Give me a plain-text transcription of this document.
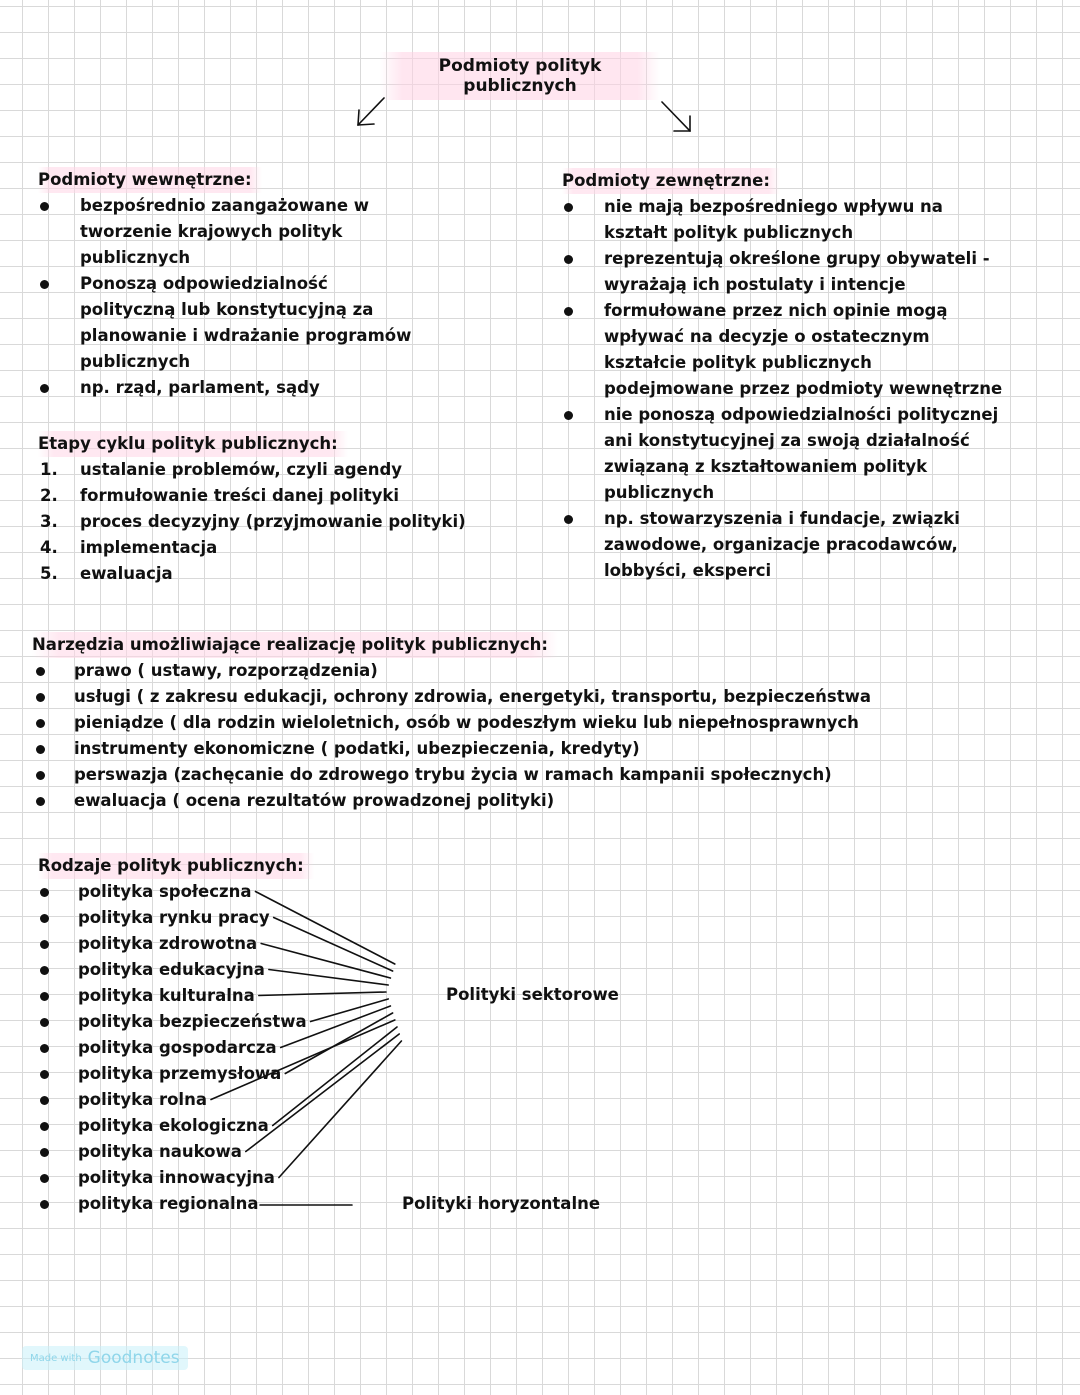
Podmioty polityk publicznych
Podmioty wewnętrzne:
bezpośrednio zaangażowane w tworzenie krajowych polityk publicznych
Ponoszą odpowiedzialność polityczną lub konstytucyjną za planowanie i wdrażanie programów publicznych
np. rząd, parlament, sądy
Podmioty zewnętrzne:
nie mają bezpośredniego wpływu na kształt polityk publicznych
reprezentują określone grupy obywateli - wyrażają ich postulaty i intencje
formułowane przez nich opinie mogą wpływać na decyzje o ostatecznym kształcie polityk publicznych podejmowane przez podmioty wewnętrzne
nie ponoszą odpowiedzialności politycznej ani konstytucyjnej za swoją działalność związaną z kształtowaniem polityk publicznych
np. stowarzyszenia i fundacje, związki zawodowe, organizacje pracodawców, lobbyści, eksperci
Etapy cyklu polityk publicznych:
1. ustalanie problemów, czyli agendy
2. formułowanie treści danej polityki
3. proces decyzyjny (przyjmowanie polityki)
4. implementacja
5. ewaluacja
Narzędzia umożliwiające realizację polityk publicznych:
prawo ( ustawy, rozporządzenia)
usługi ( z zakresu edukacji, ochrony zdrowia, energetyki, transportu, bezpieczeństwa
pieniądze ( dla rodzin wieloletnich, osób w podeszłym wieku lub niepełnosprawnych
instrumenty ekonomiczne ( podatki, ubezpieczenia, kredyty)
perswazja (zachęcanie do zdrowego trybu życia w ramach kampanii społecznych)
ewaluacja ( ocena rezultatów prowadzonej polityki)
Rodzaje polityk publicznych:
polityka społeczna
polityka rynku pracy
polityka zdrowotna
polityka edukacyjna
polityka kulturalna
polityka bezpieczeństwa
polityka gospodarcza
polityka przemysłowa
polityka rolna
polityka ekologiczna
polityka naukowa
polityka innowacyjna
polityka regionalna
Polityki sektorowe
Polityki horyzontalne
Made with Goodnotes
